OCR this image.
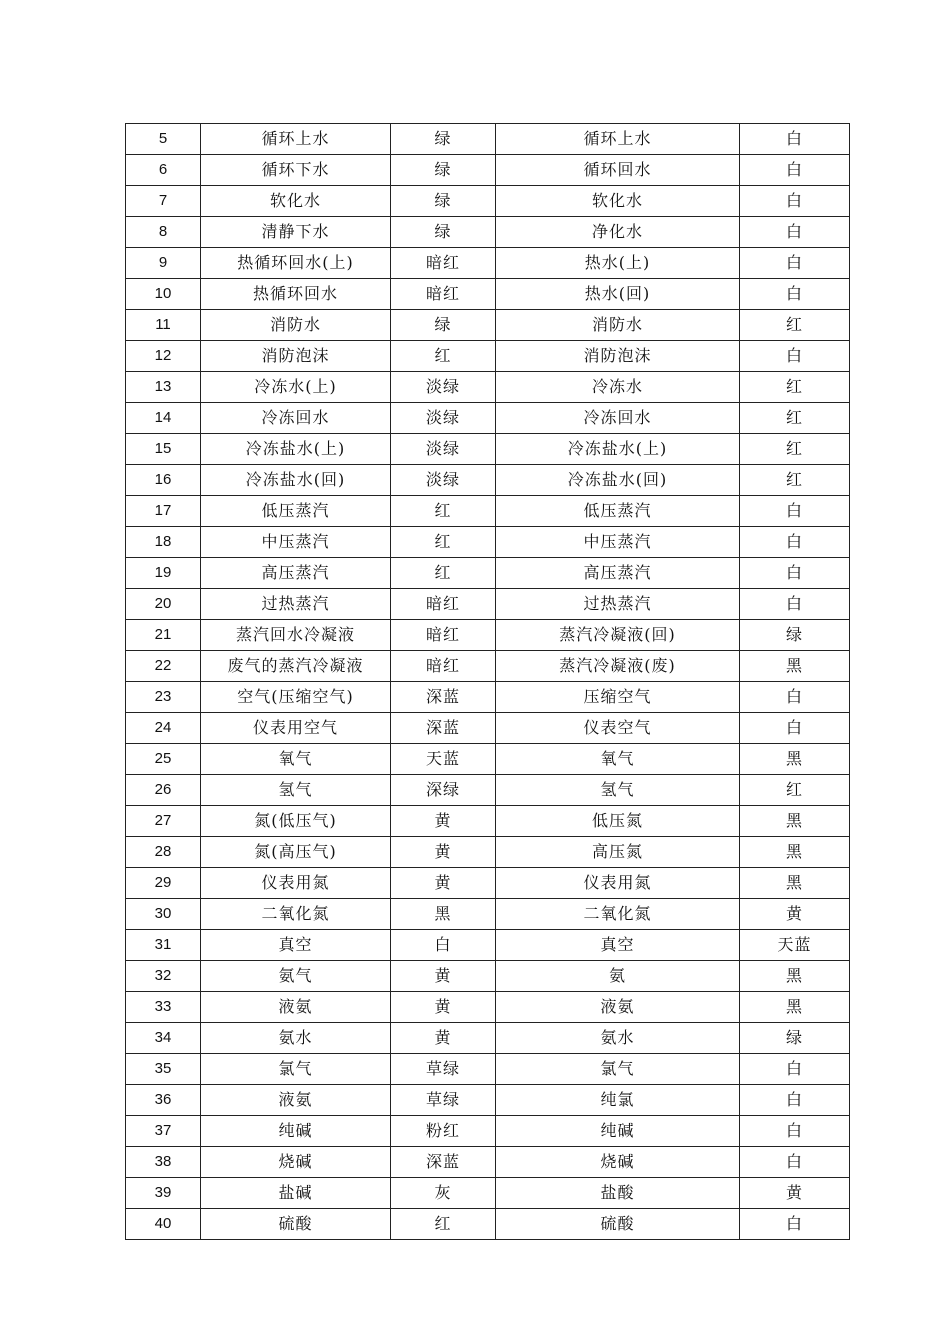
5	循环上水	绿	循环上水	白
6	循环下水	绿	循环回水	白
7	软化水	绿	软化水	白
8	清静下水	绿	净化水	白
9	热循环回水(上)	暗红	热水(上)	白
10	热循环回水	暗红	热水(回)	白
11	消防水	绿	消防水	红
12	消防泡沫	红	消防泡沫	白
13	冷冻水(上)	淡绿	冷冻水	红
14	冷冻回水	淡绿	冷冻回水	红
15	冷冻盐水(上)	淡绿	冷冻盐水(上)	红
16	冷冻盐水(回)	淡绿	冷冻盐水(回)	红
17	低压蒸汽	红	低压蒸汽	白
18	中压蒸汽	红	中压蒸汽	白
19	高压蒸汽	红	高压蒸汽	白
20	过热蒸汽	暗红	过热蒸汽	白
21	蒸汽回水冷凝液	暗红	蒸汽冷凝液(回)	绿
22	废气的蒸汽冷凝液	暗红	蒸汽冷凝液(废)	黑
23	空气(压缩空气)	深蓝	压缩空气	白
24	仪表用空气	深蓝	仪表空气	白
25	氧气	天蓝	氧气	黑
26	氢气	深绿	氢气	红
27	氮(低压气)	黄	低压氮	黑
28	氮(高压气)	黄	高压氮	黑
29	仪表用氮	黄	仪表用氮	黑
30	二氧化氮	黑	二氧化氮	黄
31	真空	白	真空	天蓝
32	氨气	黄	氨	黑
33	液氨	黄	液氨	黑
34	氨水	黄	氨水	绿
35	氯气	草绿	氯气	白
36	液氨	草绿	纯氯	白
37	纯碱	粉红	纯碱	白
38	烧碱	深蓝	烧碱	白
39	盐碱	灰	盐酸	黄
40	硫酸	红	硫酸	白
